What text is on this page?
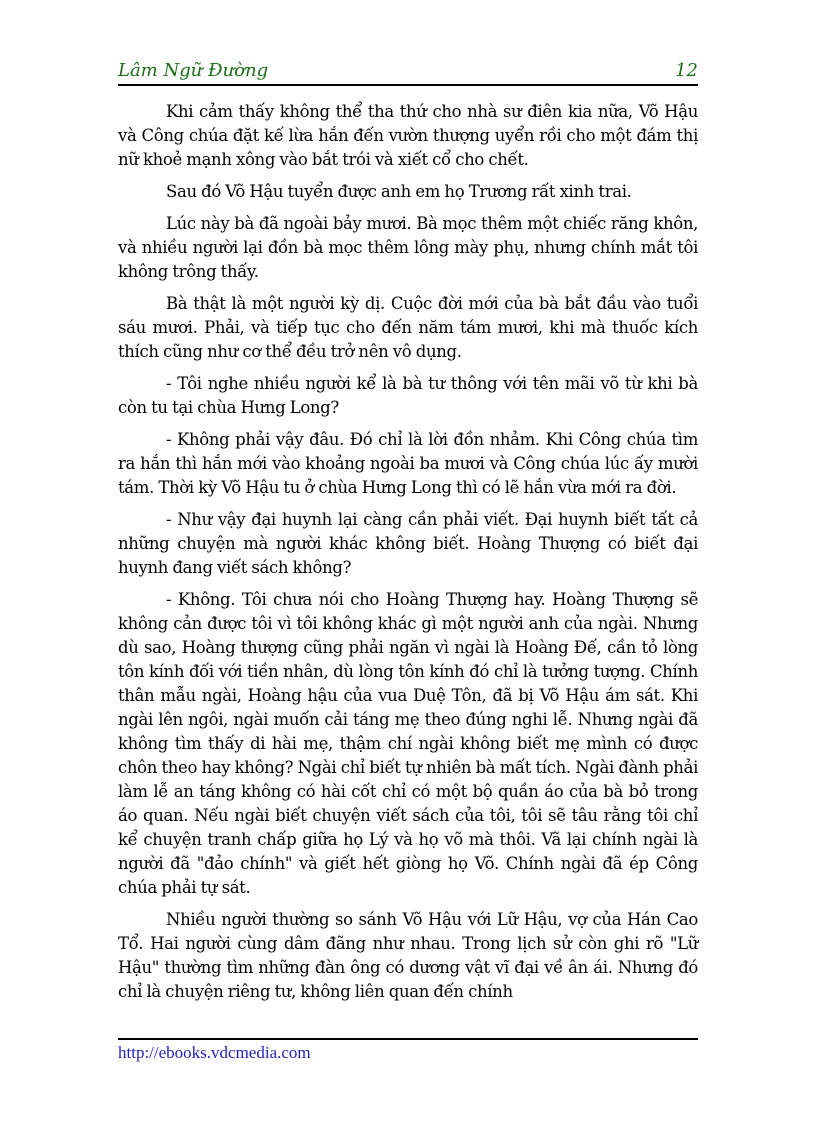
Lâm Ngữ Đường	12

Khi cảm thấy không thể tha thứ cho nhà sư điên kia nữa, Võ Hậu và Công chúa đặt kế lừa hắn đến vườn thượng uyển rồi cho một đám thị nữ khoẻ mạnh xông vào bắt trói và xiết cổ cho chết.

Sau đó Võ Hậu tuyển được anh em họ Trương rất xinh trai.

Lúc này bà đã ngoài bảy mươi. Bà mọc thêm một chiếc răng khôn, và nhiều người lại đồn bà mọc thêm lông mày phụ, nhưng chính mắt tôi không trông thấy.

Bà thật là một người kỳ dị. Cuộc đời mới của bà bắt đầu vào tuổi sáu mươi. Phải, và tiếp tục cho đến năm tám mươi, khi mà thuốc kích thích cũng như cơ thể đều trở nên vô dụng.

- Tôi nghe nhiều người kể là bà tư thông với tên mãi võ từ khi bà còn tu tại chùa Hưng Long?

- Không phải vậy đâu. Đó chỉ là lời đồn nhảm. Khi Công chúa tìm ra hắn thì hắn mới vào khoảng ngoài ba mươi và Công chúa lúc ấy mười tám. Thời kỳ Võ Hậu tu ở chùa Hưng Long thì có lẽ hắn vừa mới ra đời.

- Như vậy đại huynh lại càng cần phải viết. Đại huynh biết tất cả những chuyện mà người khác không biết. Hoàng Thượng có biết đại huynh đang viết sách không?

- Không. Tôi chưa nói cho Hoàng Thượng hay. Hoàng Thượng sẽ không cản được tôi vì tôi không khác gì một người anh của ngài. Nhưng dù sao, Hoàng thượng cũng phải ngăn vì ngài là Hoàng Đế, cần tỏ lòng tôn kính đối với tiền nhân, dù lòng tôn kính đó chỉ là tưởng tượng. Chính thân mẫu ngài, Hoàng hậu của vua Duệ Tôn, đã bị Võ Hậu ám sát. Khi ngài lên ngôi, ngài muốn cải táng mẹ theo đúng nghi lễ. Nhưng ngài đã không tìm thấy di hài mẹ, thậm chí ngài không biết mẹ mình có được chôn theo hay không? Ngài chỉ biết tự nhiên bà mất tích. Ngài đành phải làm lễ an táng không có hài cốt chỉ có một bộ quần áo của bà bỏ trong áo quan. Nếu ngài biết chuyện viết sách của tôi, tôi sẽ tâu rằng tôi chỉ kể chuyện tranh chấp giữa họ Lý và họ võ mà thôi. Vã lại chính ngài là người đã "đảo chính" và giết hết giòng họ Võ. Chính ngài đã ép Công chúa phải tự sát.

Nhiều người thường so sánh Võ Hậu với Lữ Hậu, vợ của Hán Cao Tổ. Hai người cùng dâm đãng như nhau. Trong lịch sử còn ghi rõ "Lữ Hậu" thường tìm những đàn ông có dương vật vĩ đại về ân ái. Nhưng đó chỉ là chuyện riêng tư, không liên quan đến chính

http://ebooks.vdcmedia.com
